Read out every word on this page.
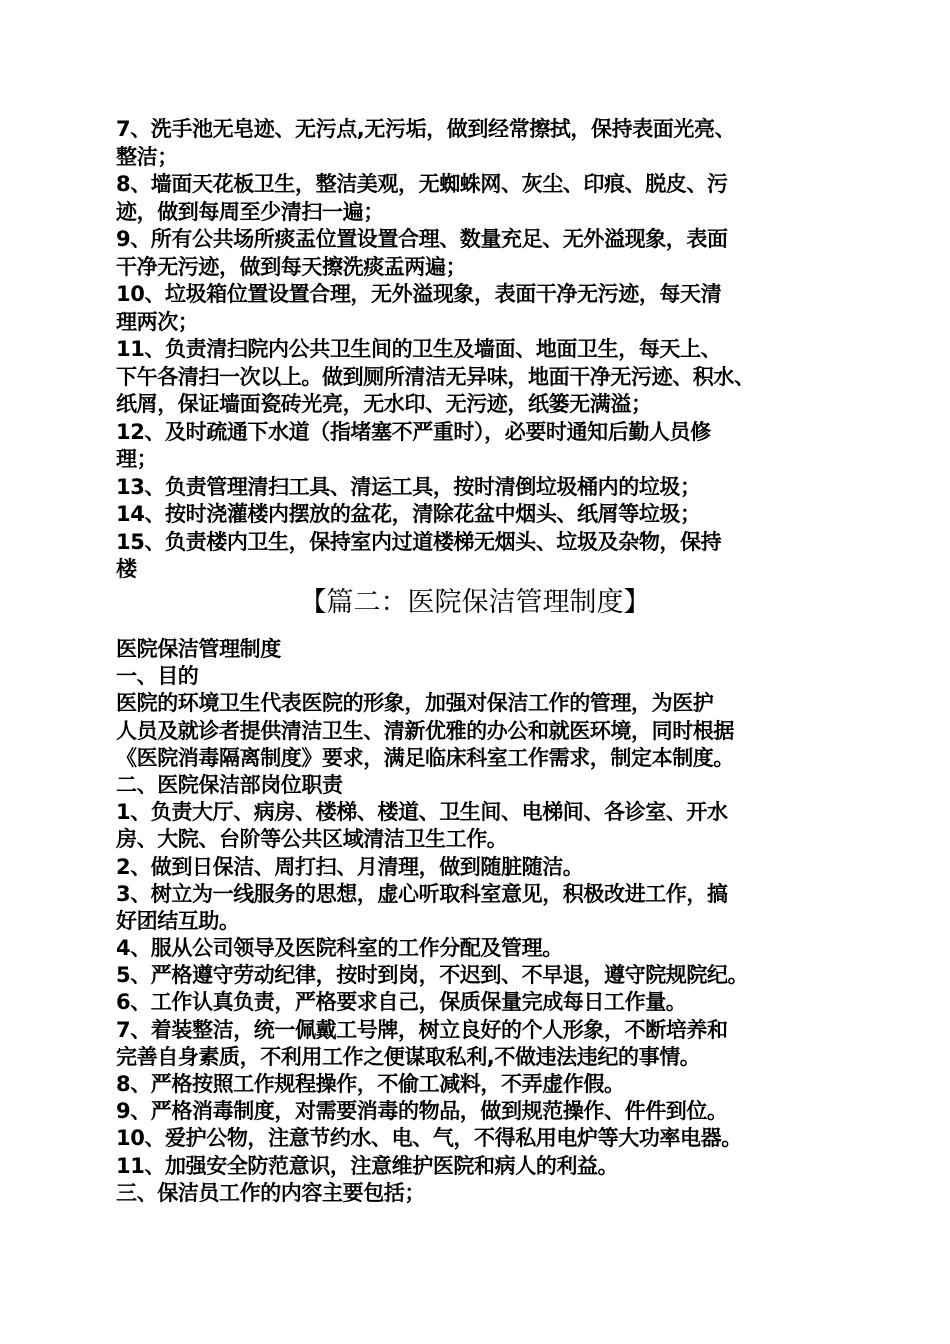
7、洗手池无皂迹、无污点,无污垢，做到经常擦拭，保持表面光亮、
整洁；
8、墙面天花板卫生，整洁美观，无蜘蛛网、灰尘、印痕、脱皮、污
迹，做到每周至少清扫一遍；
9、所有公共场所痰盂位置设置合理、数量充足、无外溢现象，表面
干净无污迹，做到每天擦洗痰盂两遍；
10、垃圾箱位置设置合理，无外溢现象，表面干净无污迹，每天清
理两次；
11、负责清扫院内公共卫生间的卫生及墙面、地面卫生，每天上、
下午各清扫一次以上。做到厕所清洁无异味，地面干净无污迹、积水、
纸屑，保证墙面瓷砖光亮，无水印、无污迹，纸篓无满溢；
12、及时疏通下水道（指堵塞不严重时），必要时通知后勤人员修
理；
13、负责管理清扫工具、清运工具，按时清倒垃圾桶内的垃圾；
14、按时浇灌楼内摆放的盆花，清除花盆中烟头、纸屑等垃圾；
15、负责楼内卫生，保持室内过道楼梯无烟头、垃圾及杂物，保持
楼
【篇二：医院保洁管理制度】
医院保洁管理制度
一、目的
医院的环境卫生代表医院的形象，加强对保洁工作的管理，为医护
人员及就诊者提供清洁卫生、清新优雅的办公和就医环境，同时根据
《医院消毒隔离制度》要求，满足临床科室工作需求，制定本制度。
二、医院保洁部岗位职责
1、负责大厅、病房、楼梯、楼道、卫生间、电梯间、各诊室、开水
房、大院、台阶等公共区域清洁卫生工作。
2、做到日保洁、周打扫、月清理，做到随脏随洁。
3、树立为一线服务的思想，虚心听取科室意见，积极改进工作，搞
好团结互助。
4、服从公司领导及医院科室的工作分配及管理。
5、严格遵守劳动纪律，按时到岗，不迟到、不早退，遵守院规院纪。
6、工作认真负责，严格要求自己，保质保量完成每日工作量。
7、着装整洁，统一佩戴工号牌，树立良好的个人形象，不断培养和
完善自身素质，不利用工作之便谋取私利,不做违法违纪的事情。
8、严格按照工作规程操作，不偷工减料，不弄虚作假。
9、严格消毒制度，对需要消毒的物品，做到规范操作、件件到位。
10、爱护公物，注意节约水、电、气，不得私用电炉等大功率电器。
11、加强安全防范意识，注意维护医院和病人的利益。
三、保洁员工作的内容主要包括；
